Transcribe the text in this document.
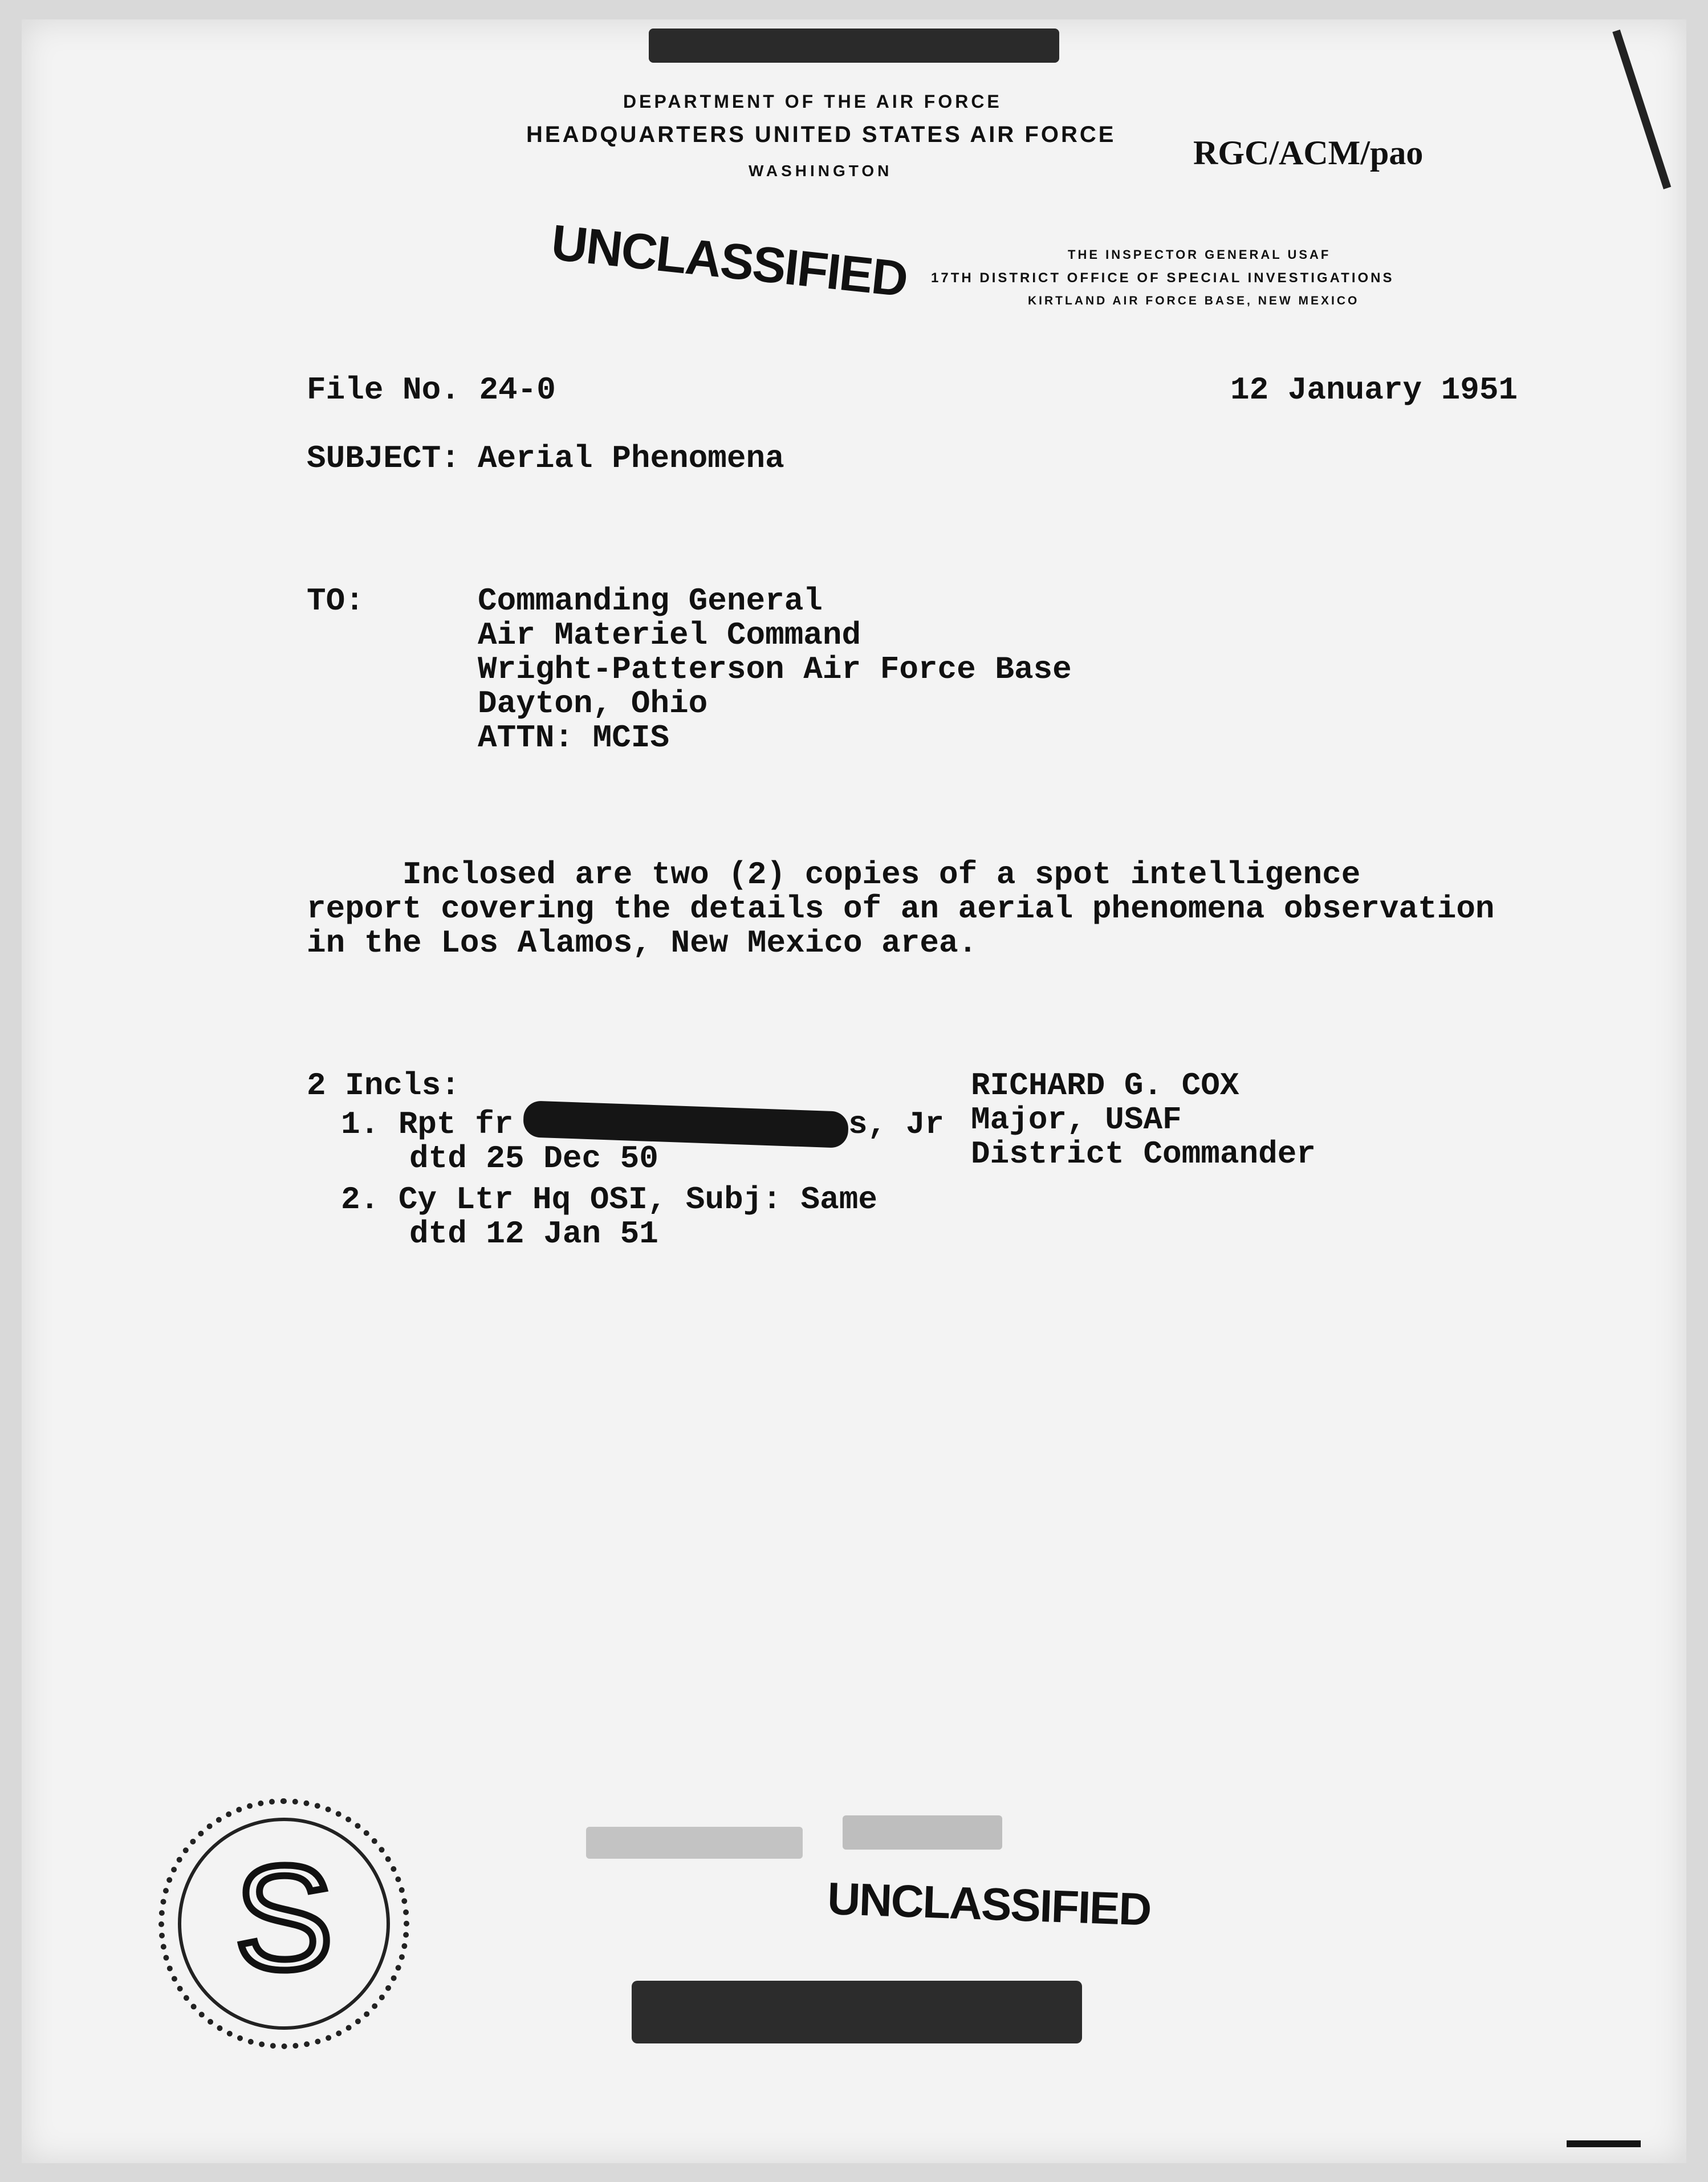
DEPARTMENT OF THE AIR FORCE
HEADQUARTERS UNITED STATES AIR FORCE
WASHINGTON	RGC/ACM/pao
UNCLASSIFIED	THE INSPECTOR GENERAL USAF
17TH DISTRICT OFFICE OF SPECIAL INVESTIGATIONS
KIRTLAND AIR FORCE BASE, NEW MEXICO
File No. 24-0	12 January 1951
SUBJECT: Aerial Phenomena
TO:	Commanding General
Air Materiel Command
Wright-Patterson Air Force Base
Dayton, Ohio
ATTN: MCIS
Inclosed are two (2) copies of a spot intelligence
report covering the details of an aerial phenomena observation
in the Los Alamos, New Mexico area.
2 Incls:
1. Rpt fr	s, Jr
dtd 25 Dec 50
2. Cy Ltr Hq OSI, Subj: Same
dtd 12 Jan 51
RICHARD G. COX
Major, USAF
District Commander
S	UNCLASSIFIED
